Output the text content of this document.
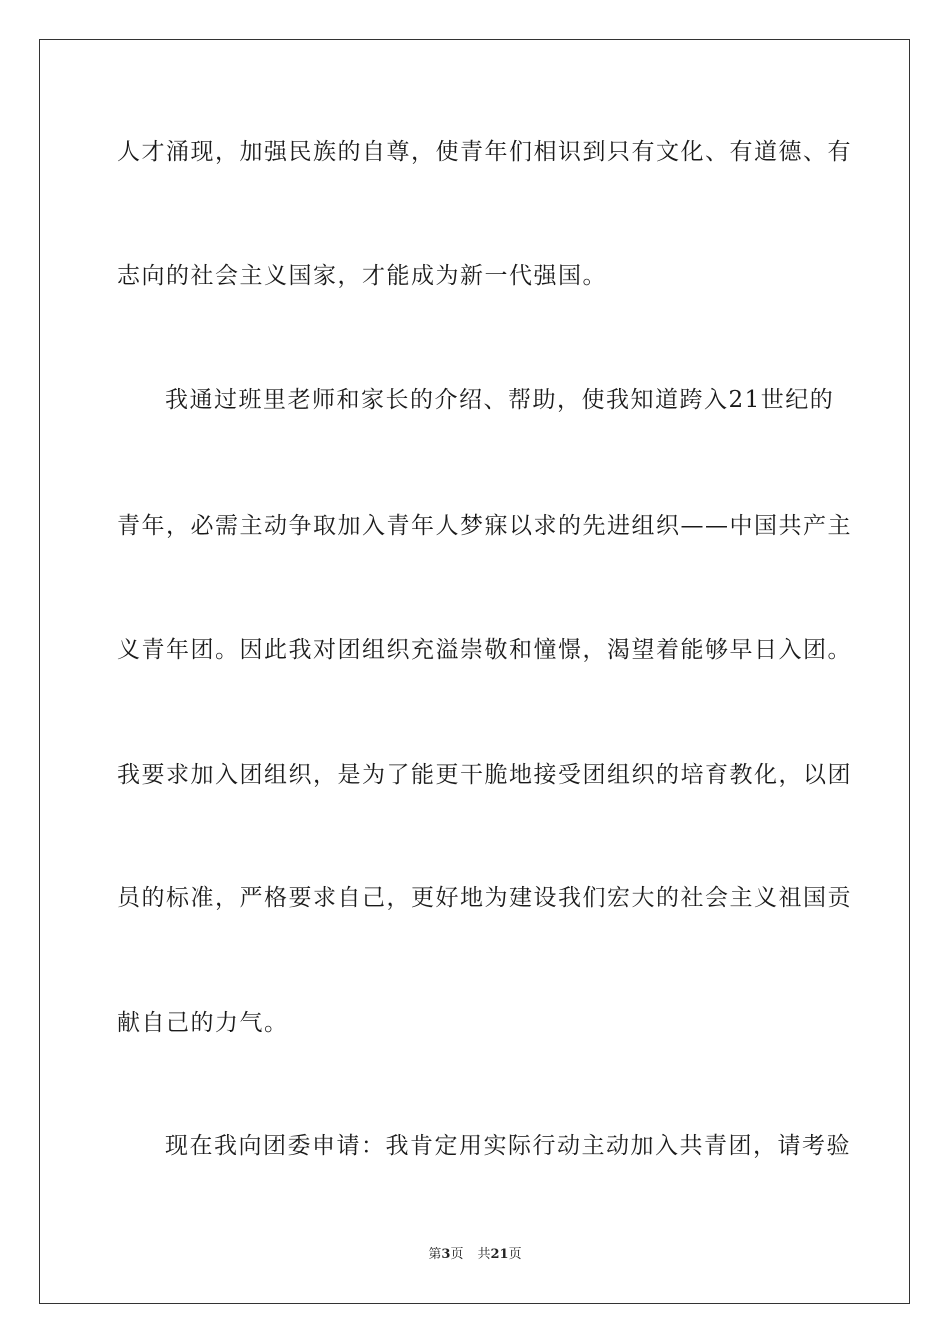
人才涌现，加强民族的自尊，使青年们相识到只有文化、有道德、有
志向的社会主义国家，才能成为新一代强国。
我通过班里老师和家长的介绍、帮助，使我知道跨入21世纪的
青年，必需主动争取加入青年人梦寐以求的先进组织——中国共产主
义青年团。因此我对团组织充溢崇敬和憧憬，渴望着能够早日入团。
我要求加入团组织，是为了能更干脆地接受团组织的培育教化，以团
员的标准，严格要求自己，更好地为建设我们宏大的社会主义祖国贡
献自己的力气。
现在我向团委申请：我肯定用实际行动主动加入共青团，请考验
第3页 共21页
